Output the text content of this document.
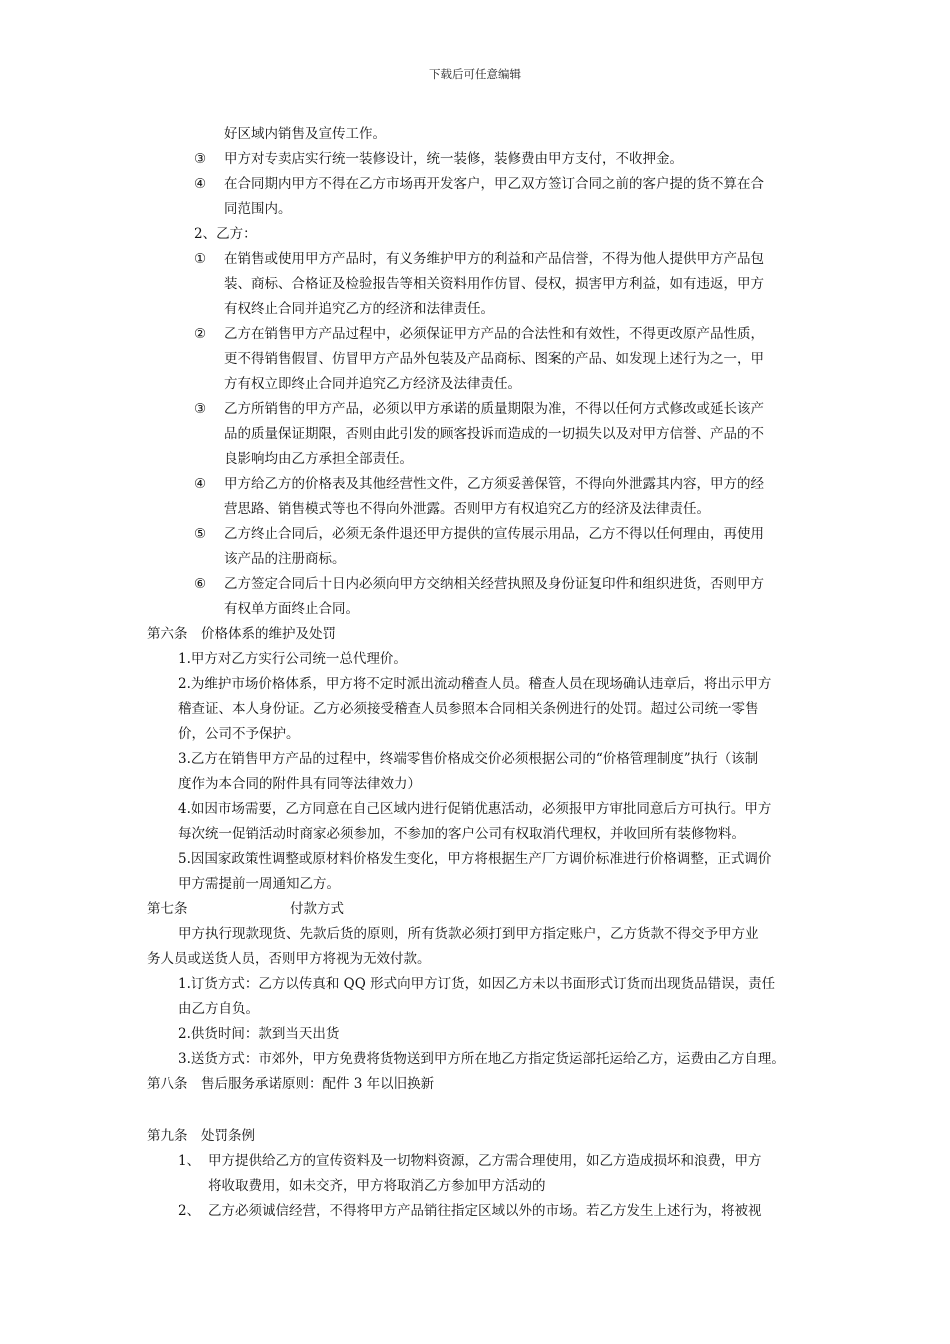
下载后可任意编辑
好区域内销售及宣传工作。
③	甲方对专卖店实行统一装修设计，统一装修，装修费由甲方支付，不收押金。
④	在合同期内甲方不得在乙方市场再开发客户，甲乙双方签订合同之前的客户提的货不算在合
同范围内。
2、乙方：
①	在销售或使用甲方产品时，有义务维护甲方的利益和产品信誉，不得为他人提供甲方产品包
装、商标、合格证及检验报告等相关资料用作仿冒、侵权，损害甲方利益，如有违返，甲方
有权终止合同并追究乙方的经济和法律责任。
②	乙方在销售甲方产品过程中，必须保证甲方产品的合法性和有效性，不得更改原产品性质，
更不得销售假冒、仿冒甲方产品外包装及产品商标、图案的产品、如发现上述行为之一，甲
方有权立即终止合同并追究乙方经济及法律责任。
③	乙方所销售的甲方产品，必须以甲方承诺的质量期限为准，不得以任何方式修改或延长该产
品的质量保证期限，否则由此引发的顾客投诉而造成的一切损失以及对甲方信誉、产品的不
良影响均由乙方承担全部责任。
④	甲方给乙方的价格表及其他经营性文件，乙方须妥善保管，不得向外泄露其内容，甲方的经
营思路、销售模式等也不得向外泄露。否则甲方有权追究乙方的经济及法律责任。
⑤	乙方终止合同后，必须无条件退还甲方提供的宣传展示用品，乙方不得以任何理由，再使用
该产品的注册商标。
⑥	乙方签定合同后十日内必须向甲方交纳相关经营执照及身份证复印件和组织进货，否则甲方
有权单方面终止合同。
第六条　价格体系的维护及处罚
1.甲方对乙方实行公司统一总代理价。
2.为维护市场价格体系，甲方将不定时派出流动稽查人员。稽查人员在现场确认违章后，将出示甲方
稽查证、本人身份证。乙方必须接受稽查人员参照本合同相关条例进行的处罚。超过公司统一零售
价，公司不予保护。
3.乙方在销售甲方产品的过程中，终端零售价格成交价必须根据公司的“价格管理制度”执行（该制
度作为本合同的附件具有同等法律效力）
4.如因市场需要，乙方同意在自己区域内进行促销优惠活动，必须报甲方审批同意后方可执行。甲方
每次统一促销活动时商家必须参加，不参加的客户公司有权取消代理权，并收回所有装修物料。
5.因国家政策性调整或原材料价格发生变化，甲方将根据生产厂方调价标准进行价格调整，正式调价
甲方需提前一周通知乙方。
第七条	付款方式
甲方执行现款现货、先款后货的原则，所有货款必须打到甲方指定账户，乙方货款不得交予甲方业
务人员或送货人员，否则甲方将视为无效付款。
1.订货方式：乙方以传真和 QQ 形式向甲方订货，如因乙方未以书面形式订货而出现货品错误，责任
由乙方自负。
2.供货时间：款到当天出货
3.送货方式：市郊外，甲方免费将货物送到甲方所在地乙方指定货运部托运给乙方，运费由乙方自理。
第八条　售后服务承诺原则：配件 3 年以旧换新
第九条　处罚条例
1、 甲方提供给乙方的宣传资料及一切物料资源，乙方需合理使用，如乙方造成损坏和浪费，甲方
将收取费用，如未交齐，甲方将取消乙方参加甲方活动的
2、 乙方必须诚信经营，不得将甲方产品销往指定区域以外的市场。若乙方发生上述行为，将被视
